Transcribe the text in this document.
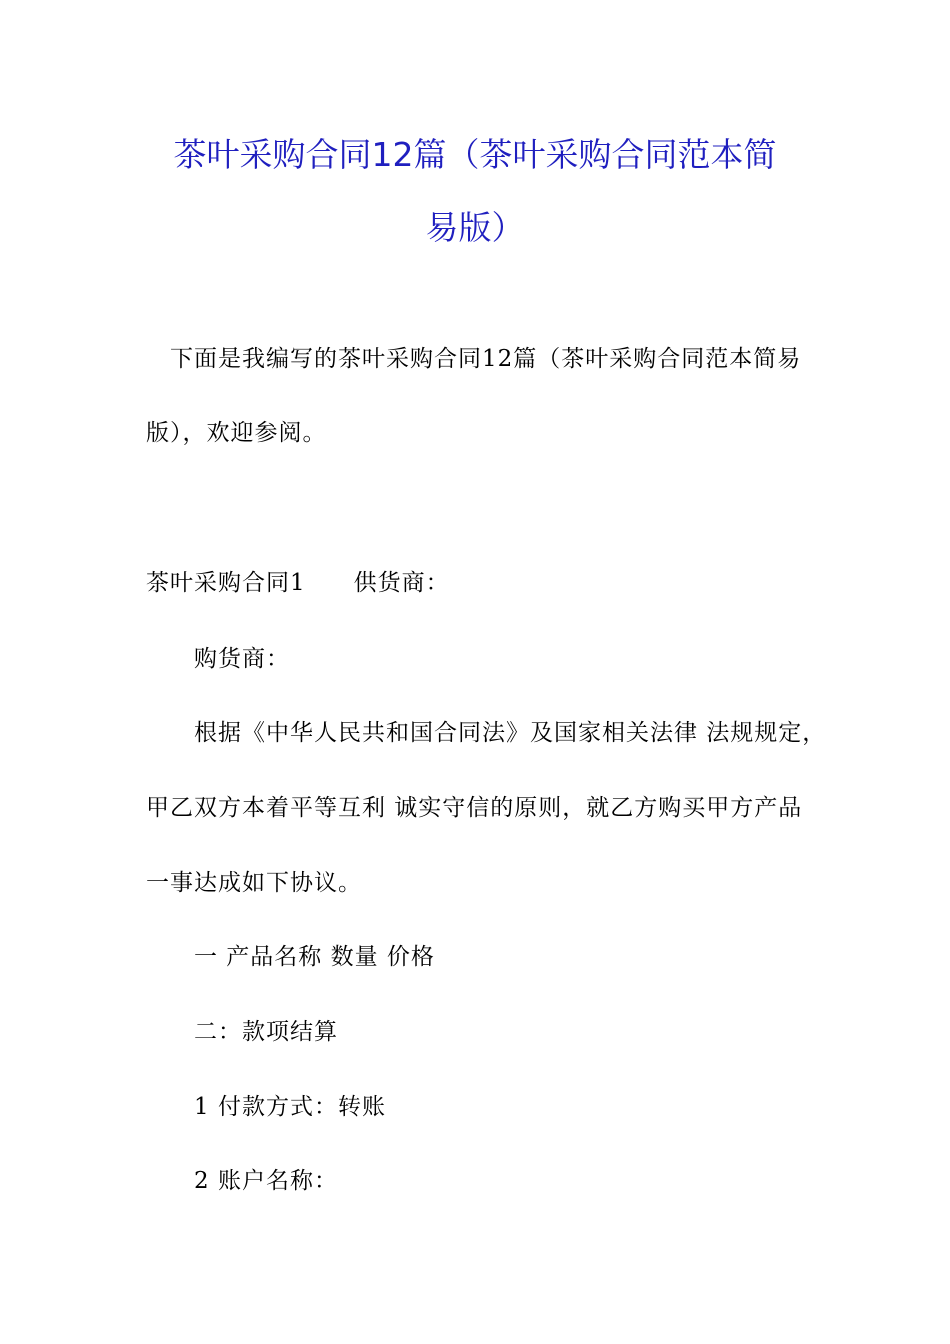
茶叶采购合同12篇（茶叶采购合同范本简
易版）
下面是我编写的茶叶采购合同12篇（茶叶采购合同范本简易
版），欢迎参阅。
茶叶采购合同1 供货商：
购货商：
根据《中华人民共和国合同法》及国家相关法律 法规规定，
甲乙双方本着平等互利 诚实守信的原则，就乙方购买甲方产品
一事达成如下协议。
一 产品名称 数量 价格
二：款项结算
1 付款方式：转账
2 账户名称：
